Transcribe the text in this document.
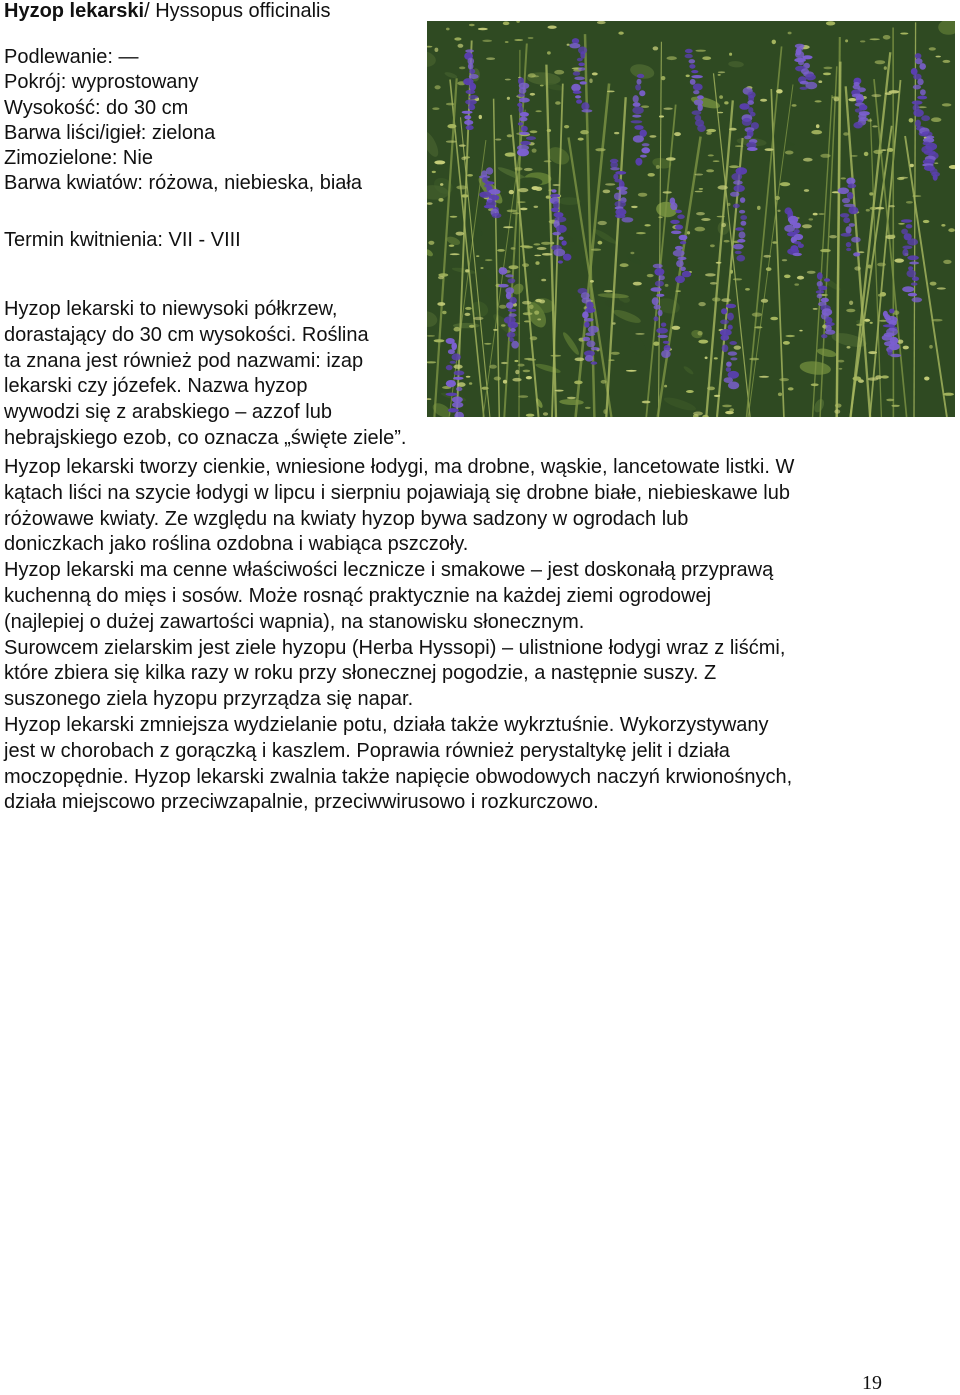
Hyzop lekarski/ Hyssopus officinalis
Podlewanie: —
Pokrój: wyprostowany
Wysokość: do 30 cm
Barwa liści/igieł: zielona
Zimozielone: Nie
Barwa kwiatów: różowa, niebieska, biała
Termin kwitnienia: VII - VIII
Hyzop lekarski to niewysoki półkrzew,
dorastający do 30 cm wysokości. Roślina
ta znana jest również pod nazwami: izap
lekarski czy józefek. Nazwa hyzop
wywodzi się z arabskiego – azzof lub
hebrajskiego ezob, co oznacza „święte ziele”.
Hyzop lekarski tworzy cienkie, wniesione łodygi, ma drobne, wąskie, lancetowate listki. W
kątach liści na szycie łodygi w lipcu i sierpniu pojawiają się drobne białe, niebieskawe lub
różowawe kwiaty. Ze względu na kwiaty hyzop bywa sadzony w ogrodach lub
doniczkach jako roślina ozdobna i wabiąca pszczoły.
Hyzop lekarski ma cenne właściwości lecznicze i smakowe – jest doskonałą przyprawą
kuchenną do mięs i sosów. Może rosnąć praktycznie na każdej ziemi ogrodowej
(najlepiej o dużej zawartości wapnia), na stanowisku słonecznym.
Surowcem zielarskim jest ziele hyzopu (Herba Hyssopi) – ulistnione łodygi wraz z liśćmi,
które zbiera się kilka razy w roku przy słonecznej pogodzie, a następnie suszy. Z
suszonego ziela hyzopu przyrządza się napar.
Hyzop lekarski zmniejsza wydzielanie potu, działa także wykrztuśnie. Wykorzystywany
jest w chorobach z gorączką i kaszlem. Poprawia również perystaltykę jelit i działa
moczopędnie. Hyzop lekarski zwalnia także napięcie obwodowych naczyń krwionośnych,
działa miejscowo przeciwzapalnie, przeciwwirusowo i rozkurczowo.
19
